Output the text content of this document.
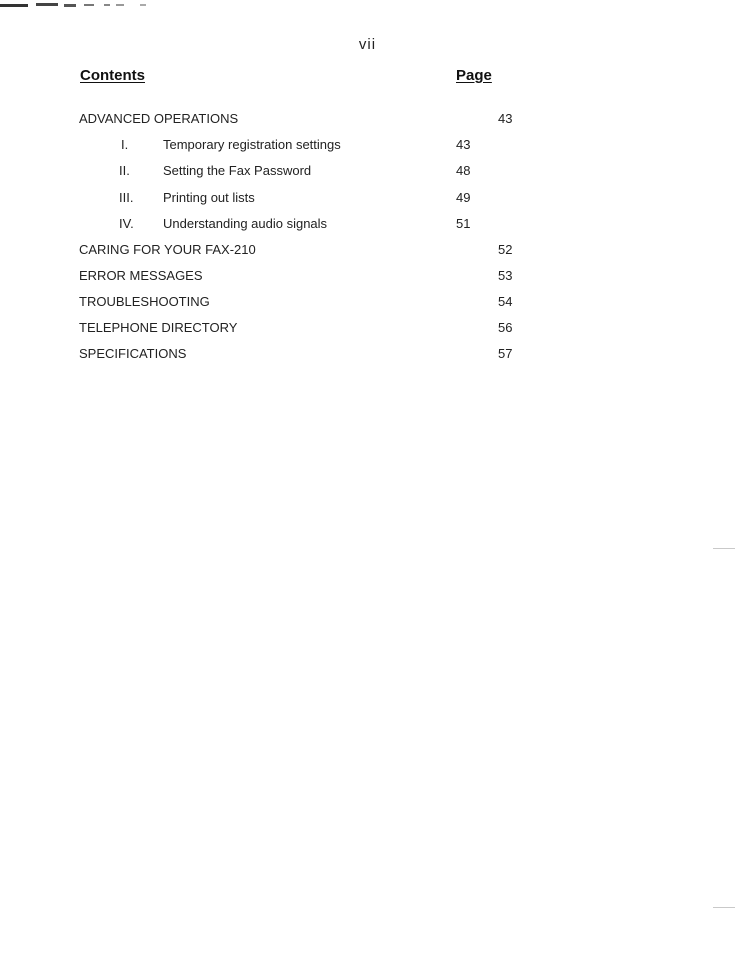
vii
Contents	Page
ADVANCED OPERATIONS	43
I.	Temporary registration settings	43
II.	Setting the Fax Password	48
III.	Printing out lists	49
IV.	Understanding audio signals	51
CARING FOR YOUR FAX-210	52
ERROR MESSAGES	53
TROUBLESHOOTING	54
TELEPHONE DIRECTORY	56
SPECIFICATIONS	57
